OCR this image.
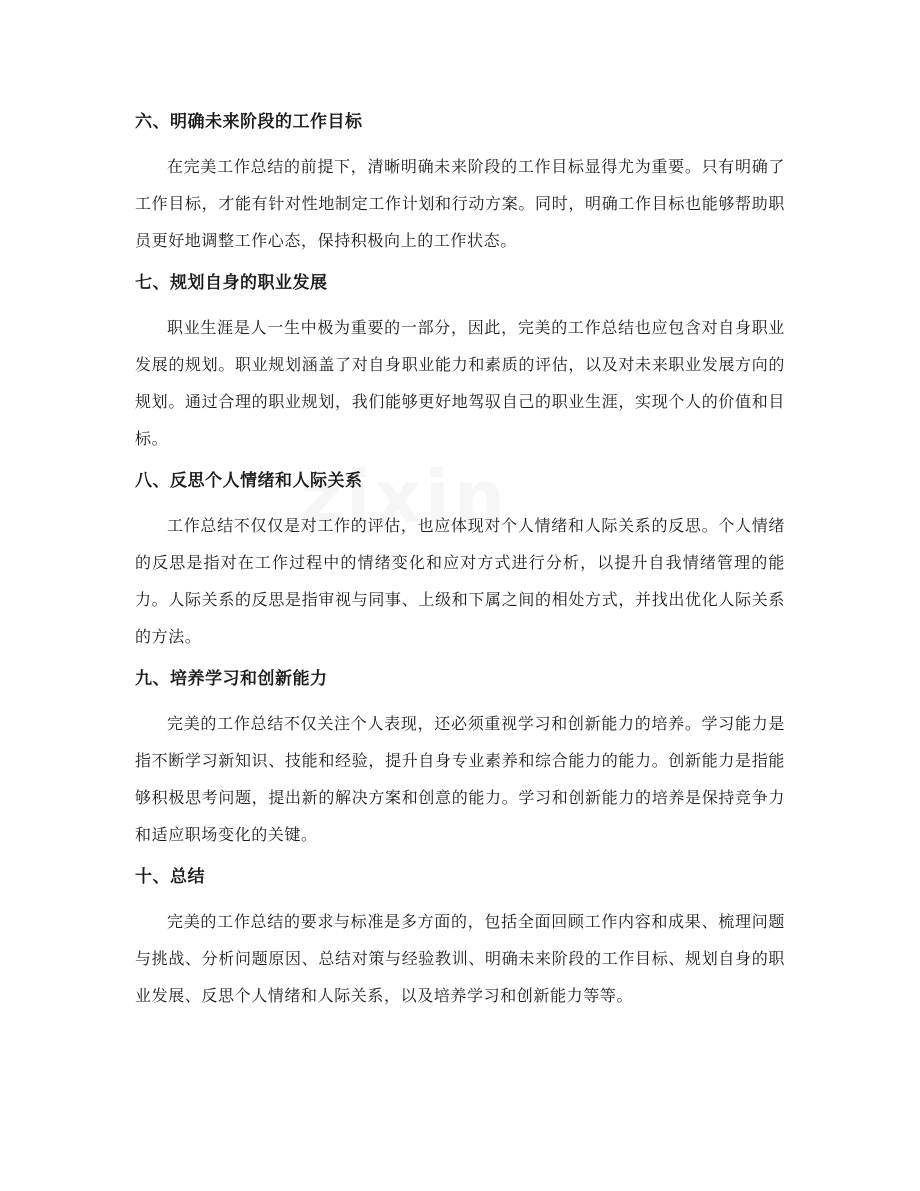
六、明确未来阶段的工作目标

在完美工作总结的前提下，清晰明确未来阶段的工作目标显得尤为重要。只有明确了工作目标，才能有针对性地制定工作计划和行动方案。同时，明确工作目标也能够帮助职员更好地调整工作心态，保持积极向上的工作状态。

七、规划自身的职业发展

职业生涯是人一生中极为重要的一部分，因此，完美的工作总结也应包含对自身职业发展的规划。职业规划涵盖了对自身职业能力和素质的评估，以及对未来职业发展方向的规划。通过合理的职业规划，我们能够更好地驾驭自己的职业生涯，实现个人的价值和目标。

八、反思个人情绪和人际关系

工作总结不仅仅是对工作的评估，也应体现对个人情绪和人际关系的反思。个人情绪的反思是指对在工作过程中的情绪变化和应对方式进行分析，以提升自我情绪管理的能力。人际关系的反思是指审视与同事、上级和下属之间的相处方式，并找出优化人际关系的方法。

九、培养学习和创新能力

完美的工作总结不仅关注个人表现，还必须重视学习和创新能力的培养。学习能力是指不断学习新知识、技能和经验，提升自身专业素养和综合能力的能力。创新能力是指能够积极思考问题，提出新的解决方案和创意的能力。学习和创新能力的培养是保持竞争力和适应职场变化的关键。

十、总结

完美的工作总结的要求与标准是多方面的，包括全面回顾工作内容和成果、梳理问题与挑战、分析问题原因、总结对策与经验教训、明确未来阶段的工作目标、规划自身的职业发展、反思个人情绪和人际关系，以及培养学习和创新能力等等。
